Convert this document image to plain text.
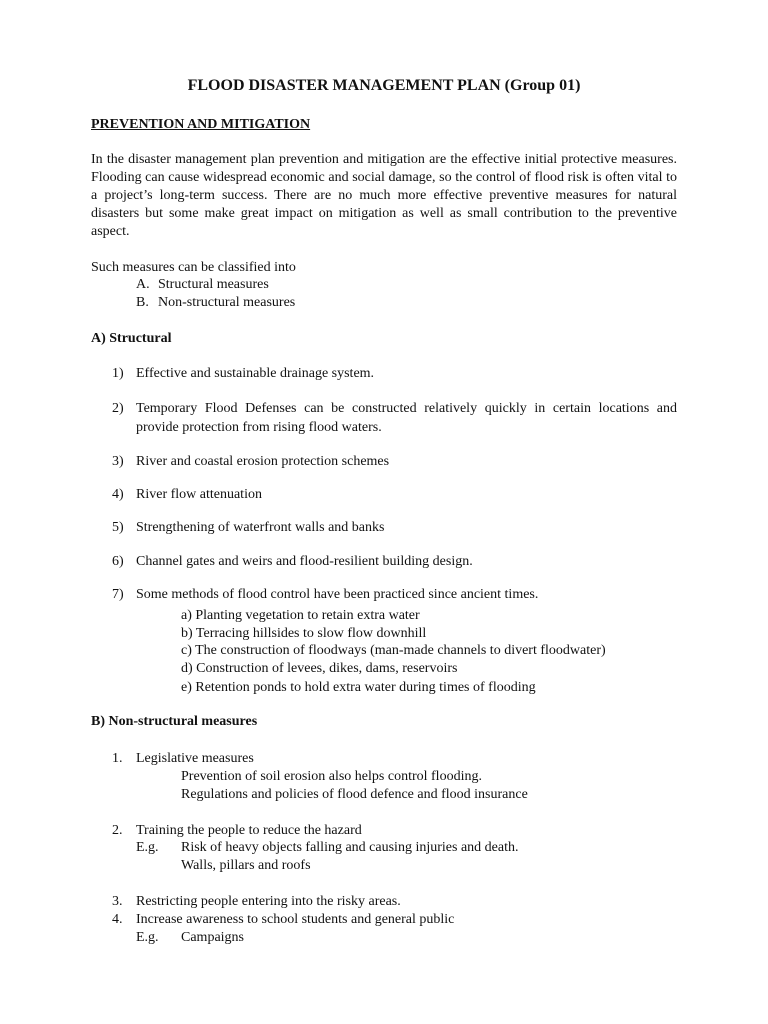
FLOOD DISASTER MANAGEMENT PLAN (Group 01)
PREVENTION AND MITIGATION
In the disaster management plan prevention and mitigation are the effective initial protective measures. Flooding can cause widespread economic and social damage, so the control of flood risk is often vital to a project’s long-term success. There are no much more effective preventive measures for natural disasters but some make great impact on mitigation as well as small contribution to the preventive aspect.
Such measures can be classified into
A. Structural measures
B. Non-structural measures
A) Structural
1) Effective and sustainable drainage system.
2) Temporary Flood Defenses can be constructed relatively quickly in certain locations and provide protection from rising flood waters.
3) River and coastal erosion protection schemes
4) River flow attenuation
5) Strengthening of waterfront walls and banks
6) Channel gates and weirs and flood-resilient building design.
7) Some methods of flood control have been practiced since ancient times.
a) Planting vegetation to retain extra water
b) Terracing hillsides to slow flow downhill
c) The construction of floodways (man-made channels to divert floodwater)
d) Construction of levees, dikes, dams, reservoirs
e) Retention ponds to hold extra water during times of flooding
B) Non-structural measures
1. Legislative measures
Prevention of soil erosion also helps control flooding.
Regulations and policies of flood defence and flood insurance
2. Training the people to reduce the hazard
E.g. Risk of heavy objects falling and causing injuries and death.
Walls, pillars and roofs
3. Restricting people entering into the risky areas.
4. Increase awareness to school students and general public
E.g. Campaigns
